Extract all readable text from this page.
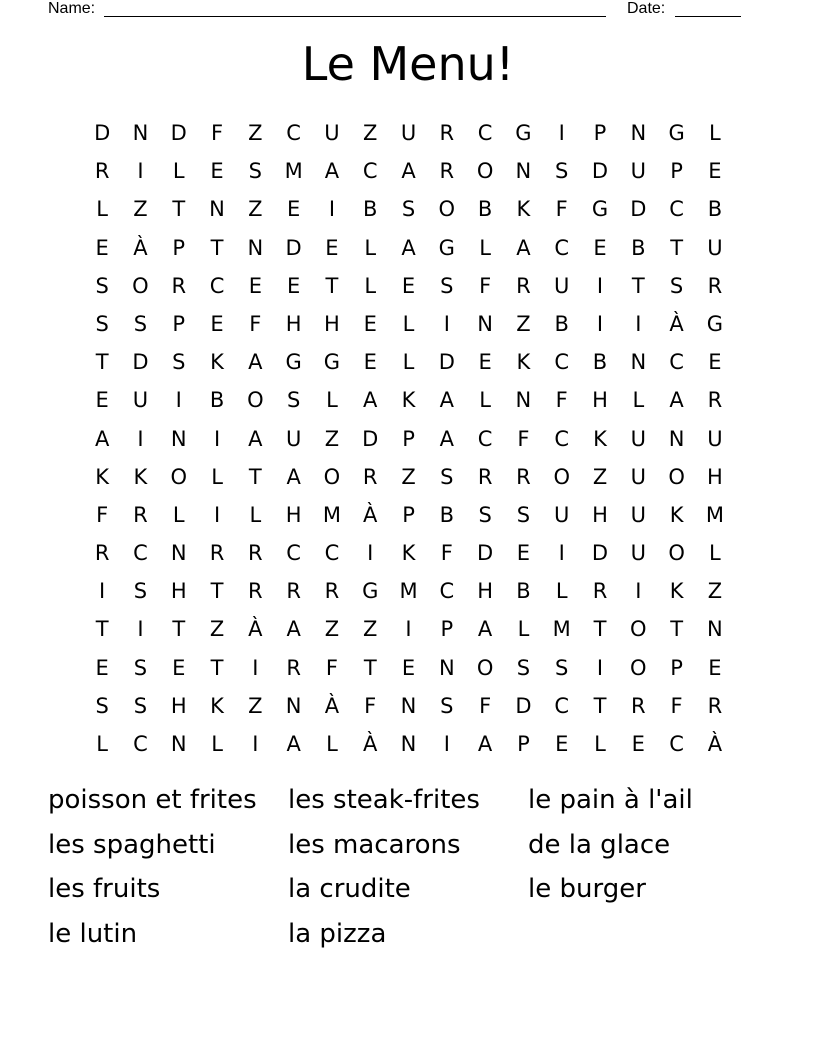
Name:	Date:
Le Menu!
D	N	D	F	Z	C	U	Z	U	R	C	G	I	P	N	G	L
R	I	L	E	S	M	A	C	A	R	O	N	S	D	U	P	E
L	Z	T	N	Z	E	I	B	S	O	B	K	F	G	D	C	B
E	À	P	T	N	D	E	L	A	G	L	A	C	E	B	T	U
S	O	R	C	E	E	T	L	E	S	F	R	U	I	T	S	R
S	S	P	E	F	H	H	E	L	I	N	Z	B	I	I	À	G
T	D	S	K	A	G	G	E	L	D	E	K	C	B	N	C	E
E	U	I	B	O	S	L	A	K	A	L	N	F	H	L	A	R
A	I	N	I	A	U	Z	D	P	A	C	F	C	K	U	N	U
K	K	O	L	T	A	O	R	Z	S	R	R	O	Z	U	O	H
F	R	L	I	L	H	M	À	P	B	S	S	U	H	U	K	M
R	C	N	R	R	C	C	I	K	F	D	E	I	D	U	O	L
I	S	H	T	R	R	R	G	M	C	H	B	L	R	I	K	Z
T	I	T	Z	À	A	Z	Z	I	P	A	L	M	T	O	T	N
E	S	E	T	I	R	F	T	E	N	O	S	S	I	O	P	E
S	S	H	K	Z	N	À	F	N	S	F	D	C	T	R	F	R
L	C	N	L	I	A	L	À	N	I	A	P	E	L	E	C	À
poisson et frites	les steak-frites	le pain à l'ail
les spaghetti	les macarons	de la glace
les fruits	la crudite	le burger
le lutin	la pizza
